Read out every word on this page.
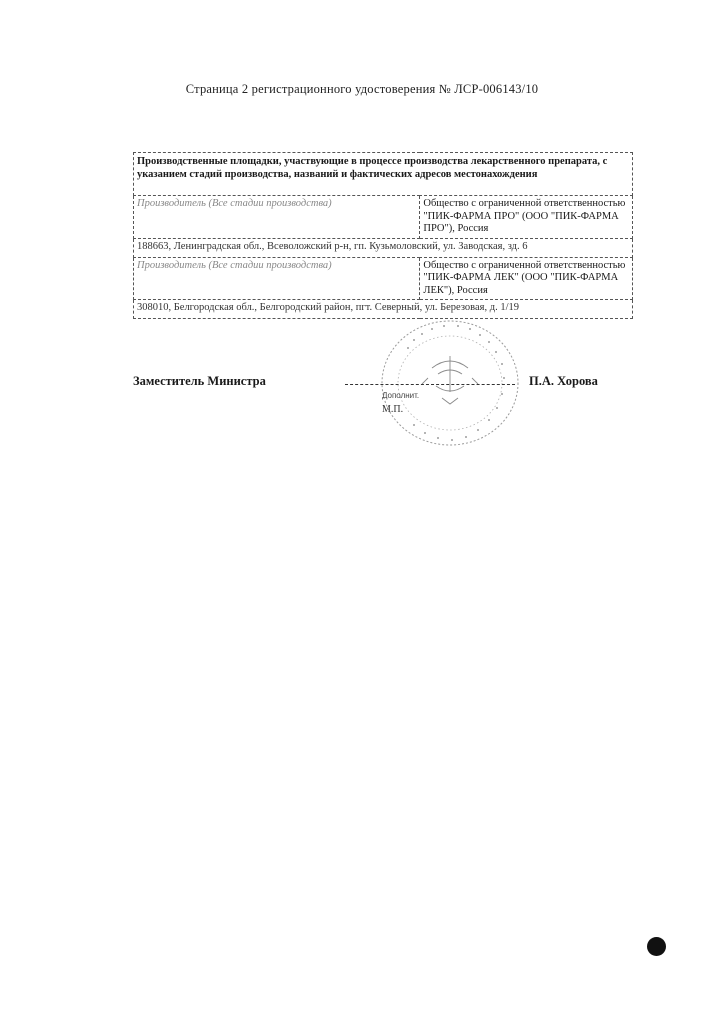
Страница 2 регистрационного удостоверения № ЛСР-006143/10
Производственные площадки, участвующие в процессе производства лекарственного препарата, с указанием стадий производства, названий и фактических адресов местонахождения	
Производитель (Все стадии производства)	Общество с ограниченной ответственностью "ПИК-ФАРМА ПРО" (ООО "ПИК-ФАРМА ПРО"), Россия
188663, Ленинградская обл., Всеволожский р-н, гп. Кузьмоловский, ул. Заводская, зд. 6	
Производитель (Все стадии производства)	Общество с ограниченной ответственностью "ПИК-ФАРМА ЛЕК" (ООО "ПИК-ФАРМА ЛЕК"), Россия
308010, Белгородская обл., Белгородский район, пгт. Северный, ул. Березовая, д. 1/19	
Заместитель Министра	П.А. Хорова
Дополнит.
М.П.
